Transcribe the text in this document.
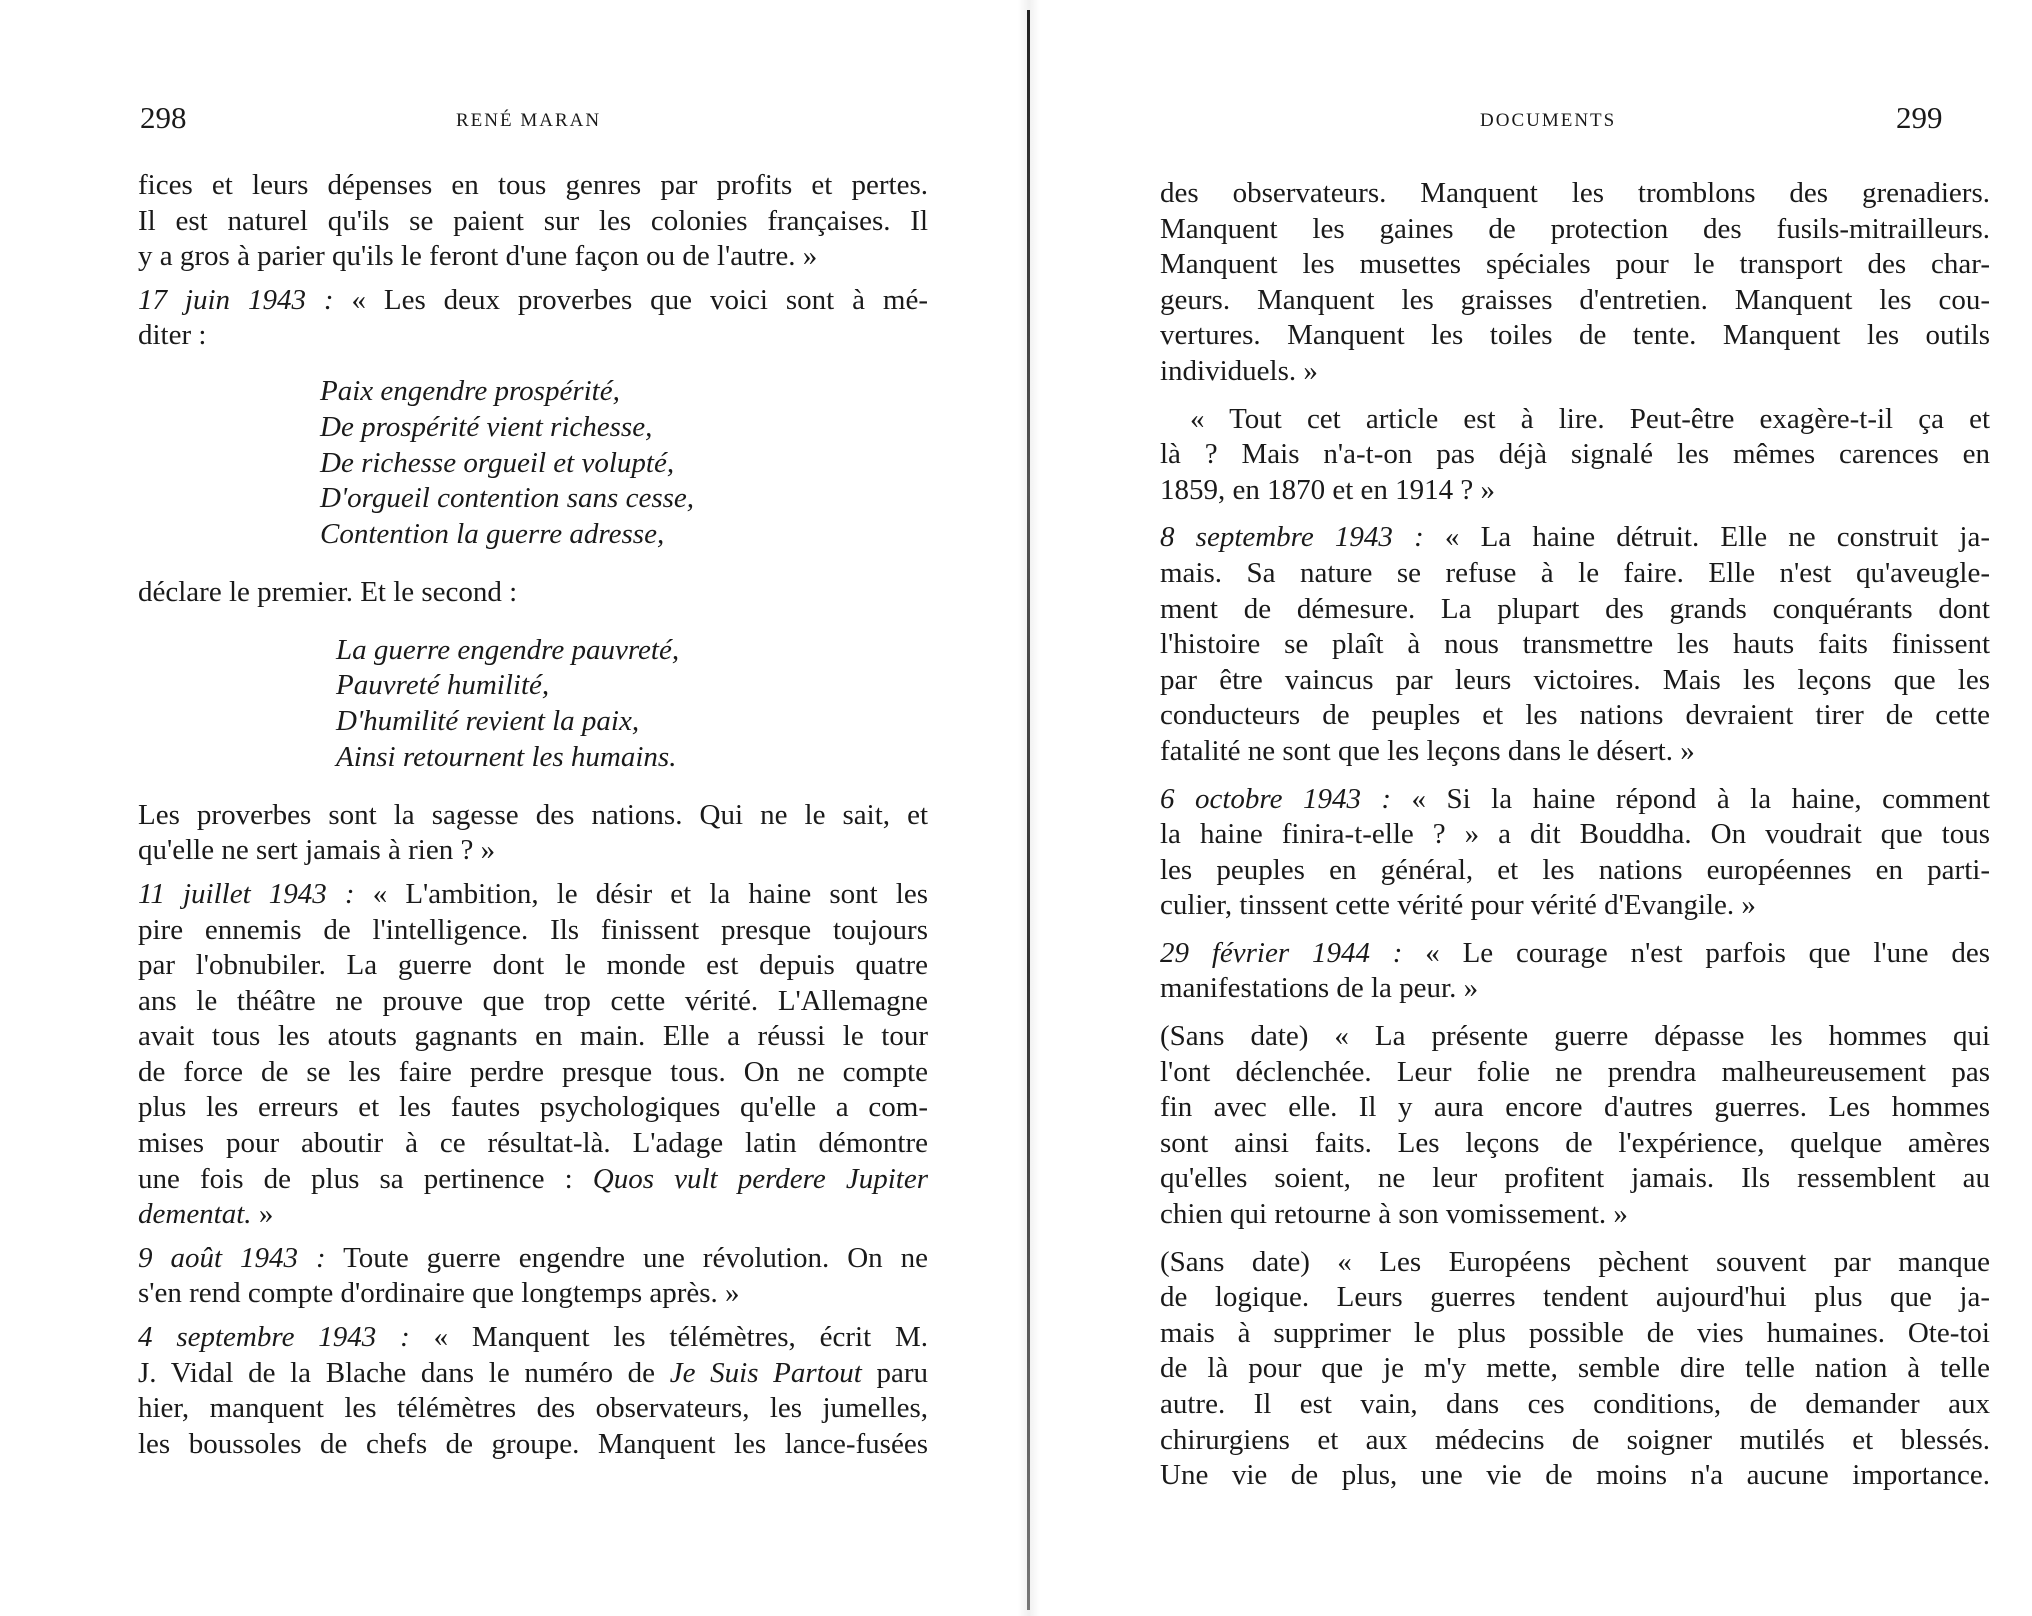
298	RENÉ MARAN

fices et leurs dépenses en tous genres par profits et pertes.
Il est naturel qu'ils se paient sur les colonies françaises. Il
y a gros à parier qu'ils le feront d'une façon ou de l'autre. »

17 juin 1943 : « Les deux proverbes que voici sont à mé-
diter :

Paix engendre prospérité,
De prospérité vient richesse,
De richesse orgueil et volupté,
D'orgueil contention sans cesse,
Contention la guerre adresse,

déclare le premier. Et le second :

La guerre engendre pauvreté,
Pauvreté humilité,
D'humilité revient la paix,
Ainsi retournent les humains.

Les proverbes sont la sagesse des nations. Qui ne le sait, et
qu'elle ne sert jamais à rien ? »

11 juillet 1943 : « L'ambition, le désir et la haine sont les
pire ennemis de l'intelligence. Ils finissent presque toujours
par l'obnubiler. La guerre dont le monde est depuis quatre
ans le théâtre ne prouve que trop cette vérité. L'Allemagne
avait tous les atouts gagnants en main. Elle a réussi le tour
de force de se les faire perdre presque tous. On ne compte
plus les erreurs et les fautes psychologiques qu'elle a com-
mises pour aboutir à ce résultat-là. L'adage latin démontre
une fois de plus sa pertinence : Quos vult perdere Jupiter
dementat. »

9 août 1943 : Toute guerre engendre une révolution. On ne
s'en rend compte d'ordinaire que longtemps après. »

4 septembre 1943 : « Manquent les télémètres, écrit M.
J. Vidal de la Blache dans le numéro de Je Suis Partout paru
hier, manquent les télémètres des observateurs, les jumelles,
les boussoles de chefs de groupe. Manquent les lance-fusées

DOCUMENTS	299

des observateurs. Manquent les tromblons des grenadiers.
Manquent les gaines de protection des fusils-mitrailleurs.
Manquent les musettes spéciales pour le transport des char-
geurs. Manquent les graisses d'entretien. Manquent les cou-
vertures. Manquent les toiles de tente. Manquent les outils
individuels. »

« Tout cet article est à lire. Peut-être exagère-t-il ça et
là ? Mais n'a-t-on pas déjà signalé les mêmes carences en
1859, en 1870 et en 1914 ? »

8 septembre 1943 : « La haine détruit. Elle ne construit ja-
mais. Sa nature se refuse à le faire. Elle n'est qu'aveugle-
ment de démesure. La plupart des grands conquérants dont
l'histoire se plaît à nous transmettre les hauts faits finissent
par être vaincus par leurs victoires. Mais les leçons que les
conducteurs de peuples et les nations devraient tirer de cette
fatalité ne sont que les leçons dans le désert. »

6 octobre 1943 : « Si la haine répond à la haine, comment
la haine finira-t-elle ? » a dit Bouddha. On voudrait que tous
les peuples en général, et les nations européennes en parti-
culier, tinssent cette vérité pour vérité d'Evangile. »

29 février 1944 : « Le courage n'est parfois que l'une des
manifestations de la peur. »

(Sans date) « La présente guerre dépasse les hommes qui
l'ont déclenchée. Leur folie ne prendra malheureusement pas
fin avec elle. Il y aura encore d'autres guerres. Les hommes
sont ainsi faits. Les leçons de l'expérience, quelque amères
qu'elles soient, ne leur profitent jamais. Ils ressemblent au
chien qui retourne à son vomissement. »

(Sans date) « Les Européens pèchent souvent par manque
de logique. Leurs guerres tendent aujourd'hui plus que ja-
mais à supprimer le plus possible de vies humaines. Ote-toi
de là pour que je m'y mette, semble dire telle nation à telle
autre. Il est vain, dans ces conditions, de demander aux
chirurgiens et aux médecins de soigner mutilés et blessés.
Une vie de plus, une vie de moins n'a aucune importance.
